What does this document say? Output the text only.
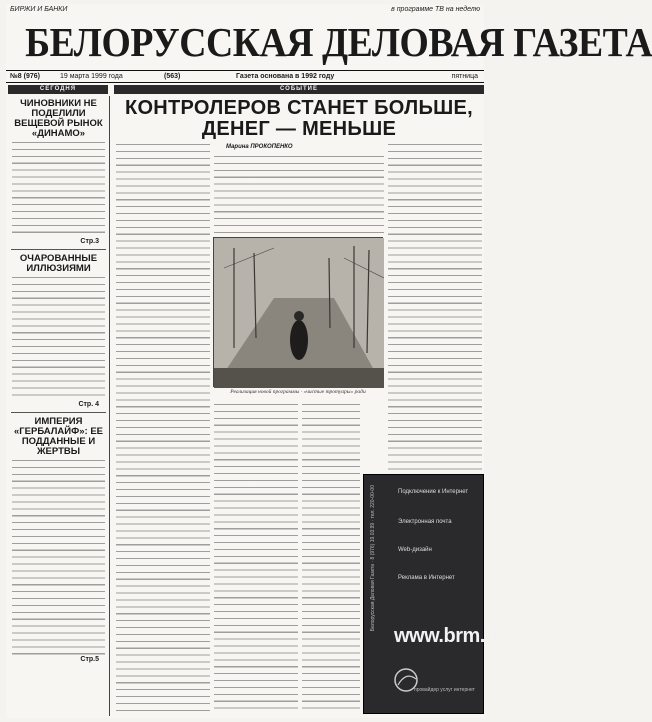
БИРЖИ И БАНКИ	в программе ТВ на неделю
БЕЛОРУССКАЯ ДЕЛОВАЯ ГАЗЕТА
№8 (976)	19 марта 1999 года	(563)	Газета основана в 1992 году	пятница
СЕГОДНЯ
ЧИНОВНИКИ НЕ ПОДЕЛИЛИ ВЕЩЕВОЙ РЫНОК «ДИНАМО»
Стр.3
ОЧАРОВАННЫЕ ИЛЛЮЗИЯМИ
Стр. 4
ИМПЕРИЯ «ГЕРБАЛАЙФ»: ЕЕ ПОДДАННЫЕ И ЖЕРТВЫ
Стр.5
СОБЫТИЕ
КОНТРОЛЕРОВ СТАНЕТ БОЛЬШЕ,
ДЕНЕГ — МЕНЬШЕ
Марина ПРОКОПЕНКО
Реализация новой программы · «чистые тротуары» ради
Белорусская Деловая Газета · 8 (976) 19.03.99 · тел. 220-00-00	Подключение к Интернет
Электронная почта
Web-дизайн
Реклама в Интернет
www.brm.n
провайдер услуг интернет
